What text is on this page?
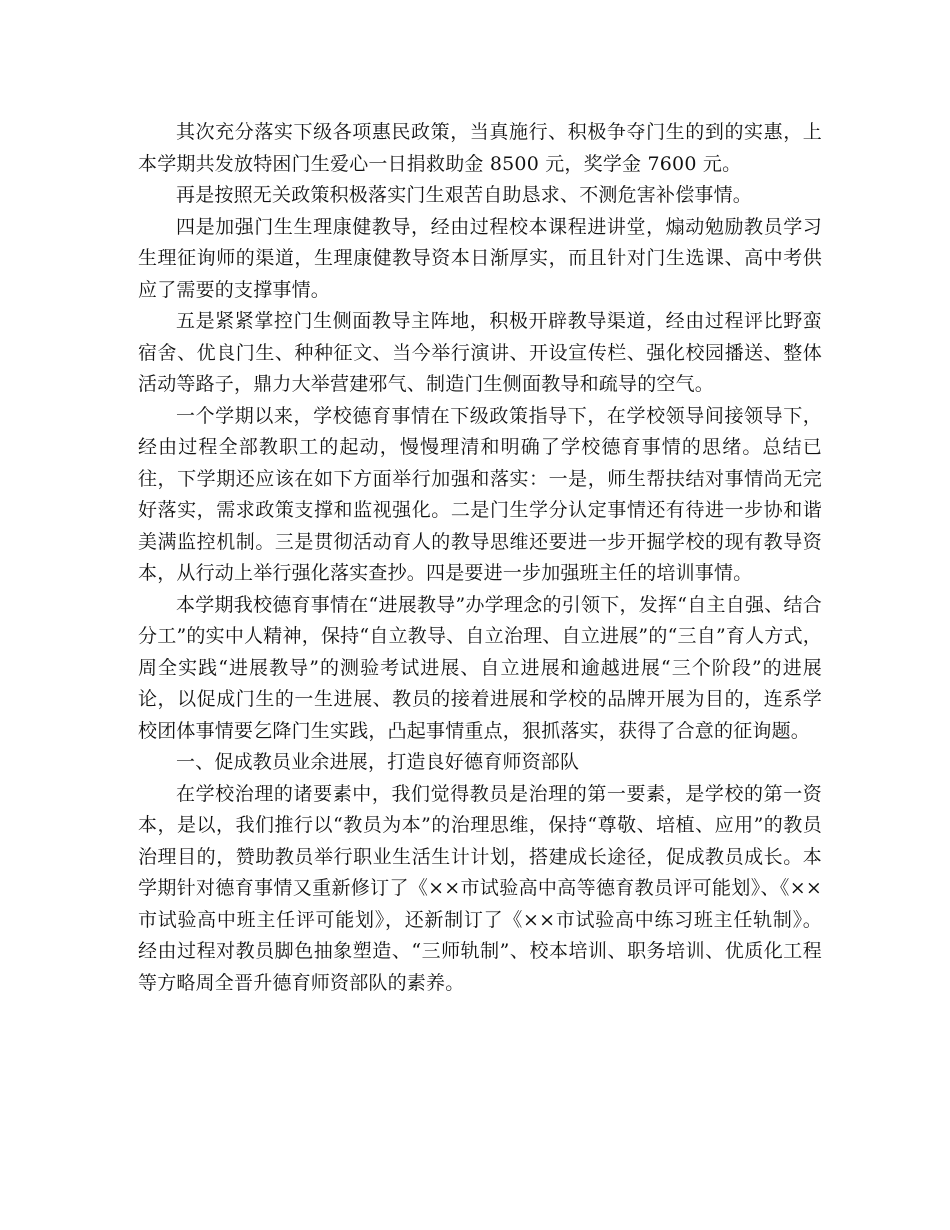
其次充分落实下级各项惠民政策，当真施行、积极争夺门生的到的实惠，上本学期共发放特困门生爱心一日捐救助金 8500 元，奖学金 7600 元。

再是按照无关政策积极落实门生艰苦自助恳求、不测危害补偿事情。

四是加强门生生理康健教导，经由过程校本课程进讲堂，煽动勉励教员学习生理征询师的渠道，生理康健教导资本日渐厚实，而且针对门生选课、高中考供应了需要的支撑事情。

五是紧紧掌控门生侧面教导主阵地，积极开辟教导渠道，经由过程评比野蛮宿舍、优良门生、种种征文、当今举行演讲、开设宣传栏、强化校园播送、整体活动等路子，鼎力大举营建邪气、制造门生侧面教导和疏导的空气。

一个学期以来，学校德育事情在下级政策指导下，在学校领导间接领导下，经由过程全部教职工的起动，慢慢理清和明确了学校德育事情的思绪。总结已往，下学期还应该在如下方面举行加强和落实：一是，师生帮扶结对事情尚无完好落实，需求政策支撑和监视强化。二是门生学分认定事情还有待进一步协和谐美满监控机制。三是贯彻活动育人的教导思维还要进一步开掘学校的现有教导资本，从行动上举行强化落实查抄。四是要进一步加强班主任的培训事情。

本学期我校德育事情在“进展教导”办学理念的引领下，发挥“自主自强、结合分工”的实中人精神，保持“自立教导、自立治理、自立进展”的“三自”育人方式，周全实践“进展教导”的测验考试进展、自立进展和逾越进展“三个阶段”的进展论，以促成门生的一生进展、教员的接着进展和学校的品牌开展为目的，连系学校团体事情要乞降门生实践，凸起事情重点，狠抓落实，获得了合意的征询题。

一、促成教员业余进展，打造良好德育师资部队

在学校治理的诸要素中，我们觉得教员是治理的第一要素，是学校的第一资本，是以，我们推行以“教员为本”的治理思维，保持“尊敬、培植、应用”的教员治理目的，赞助教员举行职业生活生计计划，搭建成长途径，促成教员成长。本学期针对德育事情又重新修订了《××市试验高中高等德育教员评可能划》、《××市试验高中班主任评可能划》，还新制订了《××市试验高中练习班主任轨制》。经由过程对教员脚色抽象塑造、“三师轨制”、校本培训、职务培训、优质化工程等方略周全晋升德育师资部队的素养。
